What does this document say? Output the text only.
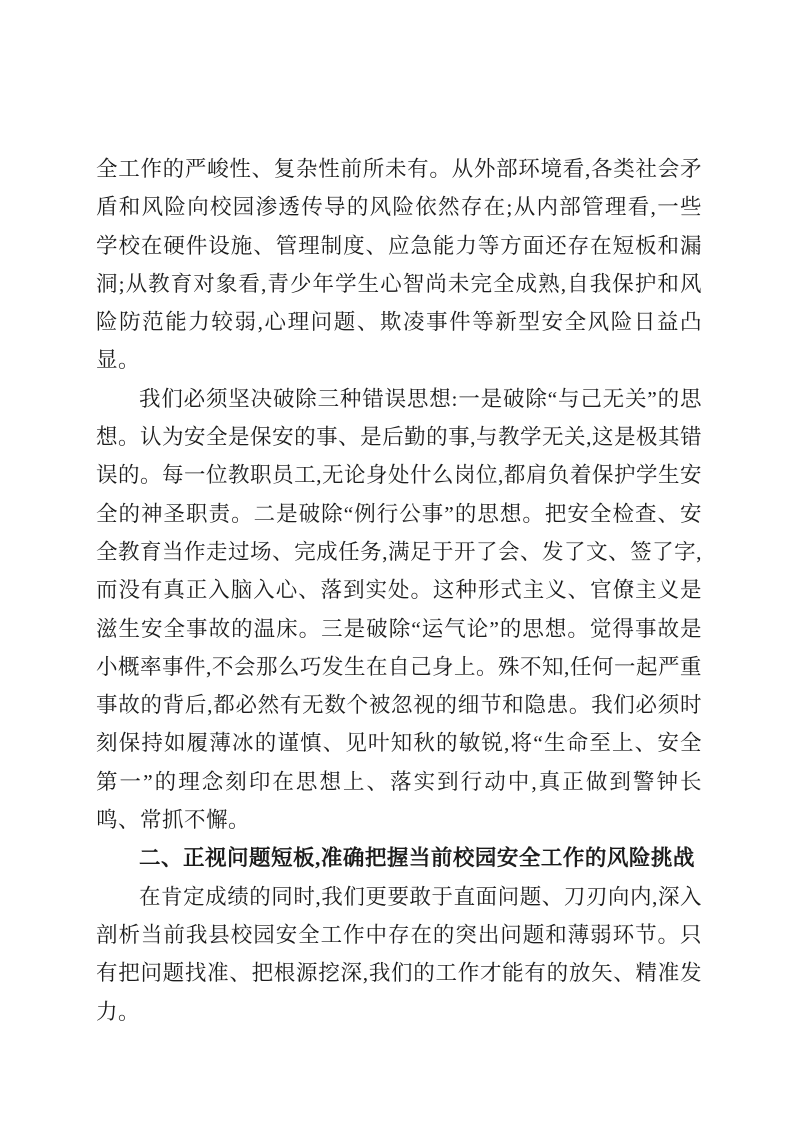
全工作的严峻性、复杂性前所未有。从外部环境看,各类社会矛盾和风险向校园渗透传导的风险依然存在;从内部管理看,一些学校在硬件设施、管理制度、应急能力等方面还存在短板和漏洞;从教育对象看,青少年学生心智尚未完全成熟,自我保护和风险防范能力较弱,心理问题、欺凌事件等新型安全风险日益凸显。

我们必须坚决破除三种错误思想:一是破除“与己无关”的思想。认为安全是保安的事、是后勤的事,与教学无关,这是极其错误的。每一位教职员工,无论身处什么岗位,都肩负着保护学生安全的神圣职责。二是破除“例行公事”的思想。把安全检查、安全教育当作走过场、完成任务,满足于开了会、发了文、签了字,而没有真正入脑入心、落到实处。这种形式主义、官僚主义是滋生安全事故的温床。三是破除“运气论”的思想。觉得事故是小概率事件,不会那么巧发生在自己身上。殊不知,任何一起严重事故的背后,都必然有无数个被忽视的细节和隐患。我们必须时刻保持如履薄冰的谨慎、见叶知秋的敏锐,将“生命至上、安全第一”的理念刻印在思想上、落实到行动中,真正做到警钟长鸣、常抓不懈。

二、正视问题短板,准确把握当前校园安全工作的风险挑战

在肯定成绩的同时,我们更要敢于直面问题、刀刃向内,深入剖析当前我县校园安全工作中存在的突出问题和薄弱环节。只有把问题找准、把根源挖深,我们的工作才能有的放矢、精准发力。
